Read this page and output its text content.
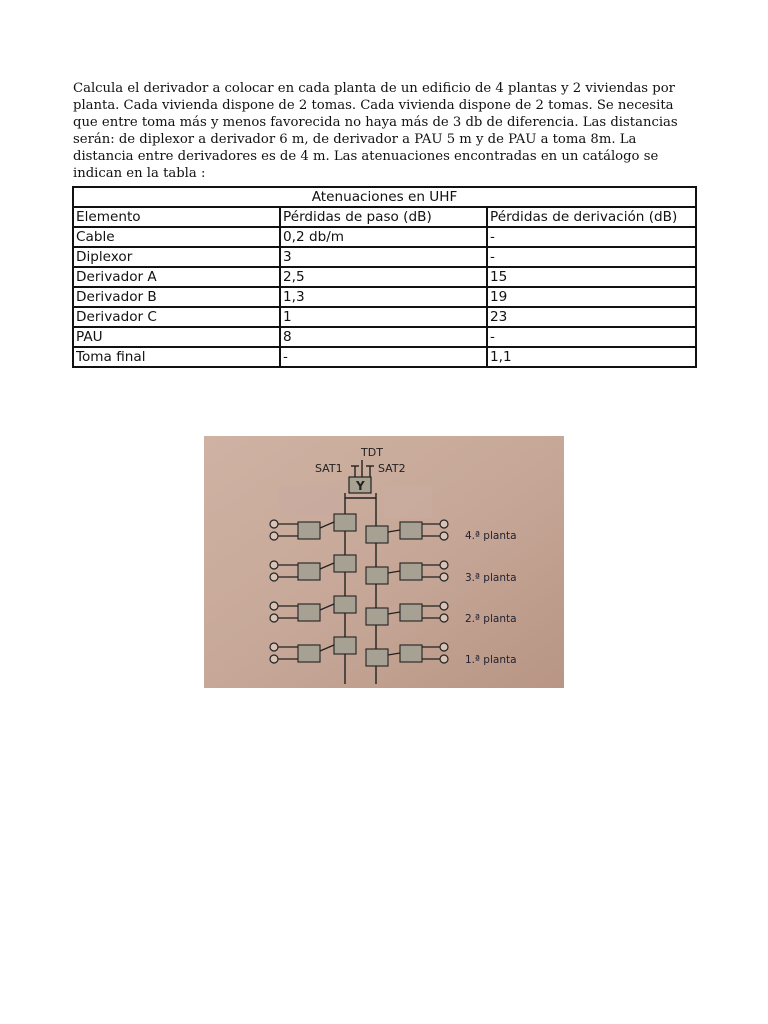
Calcula el derivador a colocar en cada planta de un edificio de 4 plantas y 2 viviendas por planta. Cada vivienda dispone de 2 tomas. Cada vivienda dispone de 2 tomas. Se necesita que entre toma más y menos favorecida no haya más de 3 db de diferencia. Las distancias serán: de diplexor a derivador 6 m, de derivador a PAU 5 m y de PAU a toma 8m. La distancia entre derivadores es de 4 m. Las atenuaciones encontradas en un catálogo se indican en la tabla :

Atenuaciones en UHF		
Elemento	Pérdidas de paso (dB)	Pérdidas de derivación (dB)
Cable	0,2 db/m	-
Diplexor	3	-
Derivador A	2,5	15
Derivador B	1,3	19
Derivador C	1	23
PAU	8	-
Toma final	-	1,1
TDT
SAT1	SAT2
Y
4.ª planta
3.ª planta
2.ª planta
1.ª planta
